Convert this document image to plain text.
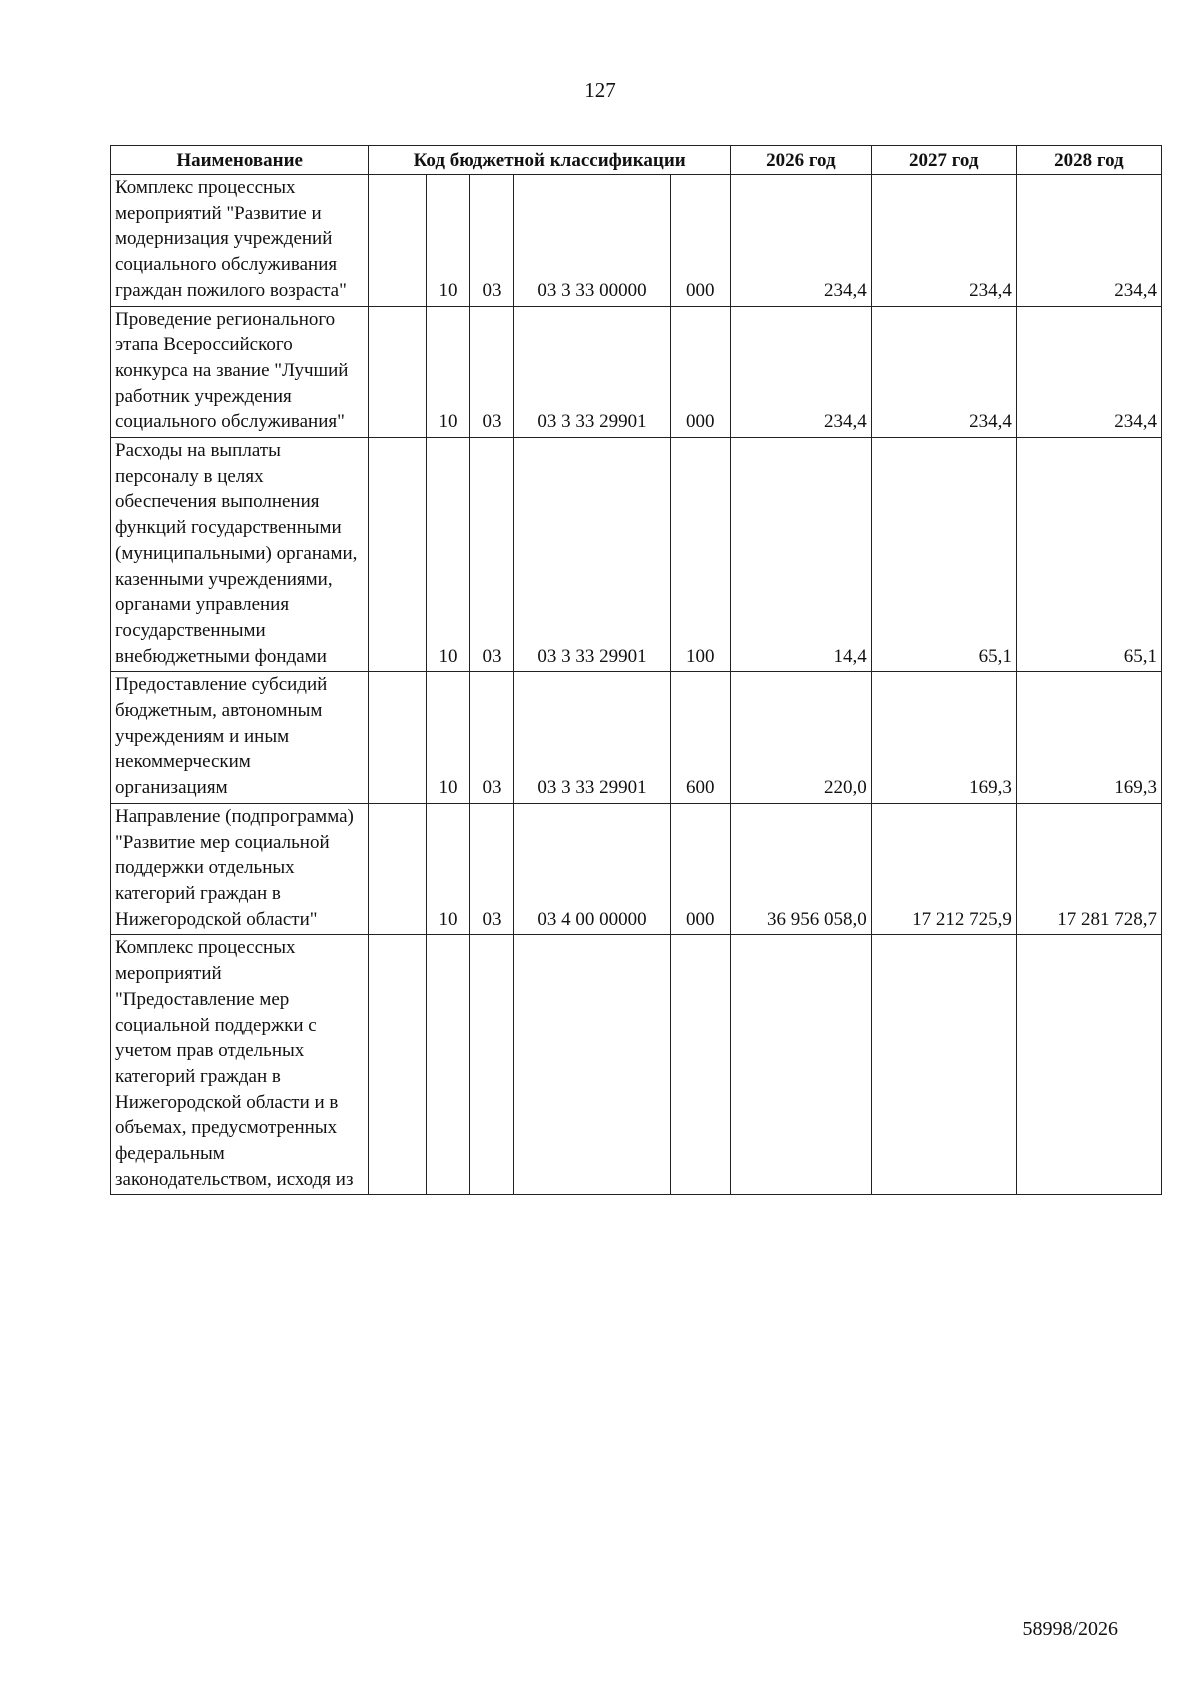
127
Наименование	Код бюджетной классификации					2026 год	2027 год	2028 год
Комплекс процессных мероприятий "Развитие и модернизация учреждений социального обслуживания граждан пожилого возраста"		10	03	03 3 33 00000	000	234,4	234,4	234,4
Проведение регионального этапа Всероссийского конкурса на звание "Лучший работник учреждения социального обслуживания"		10	03	03 3 33 29901	000	234,4	234,4	234,4
Расходы на выплаты персоналу в целях обеспечения выполнения функций государственными (муниципальными) органами, казенными учреждениями, органами управления государственными внебюджетными фондами		10	03	03 3 33 29901	100	14,4	65,1	65,1
Предоставление субсидий бюджетным, автономным учреждениям и иным некоммерческим организациям		10	03	03 3 33 29901	600	220,0	169,3	169,3
Направление (подпрограмма) "Развитие мер социальной поддержки отдельных категорий граждан в Нижегородской области"		10	03	03 4 00 00000	000	36 956 058,0	17 212 725,9	17 281 728,7
Комплекс процессных мероприятий "Предоставление мер социальной поддержки с учетом прав отдельных категорий граждан в Нижегородской области и в объемах, предусмотренных федеральным законодательством, исходя из								
58998/2026
